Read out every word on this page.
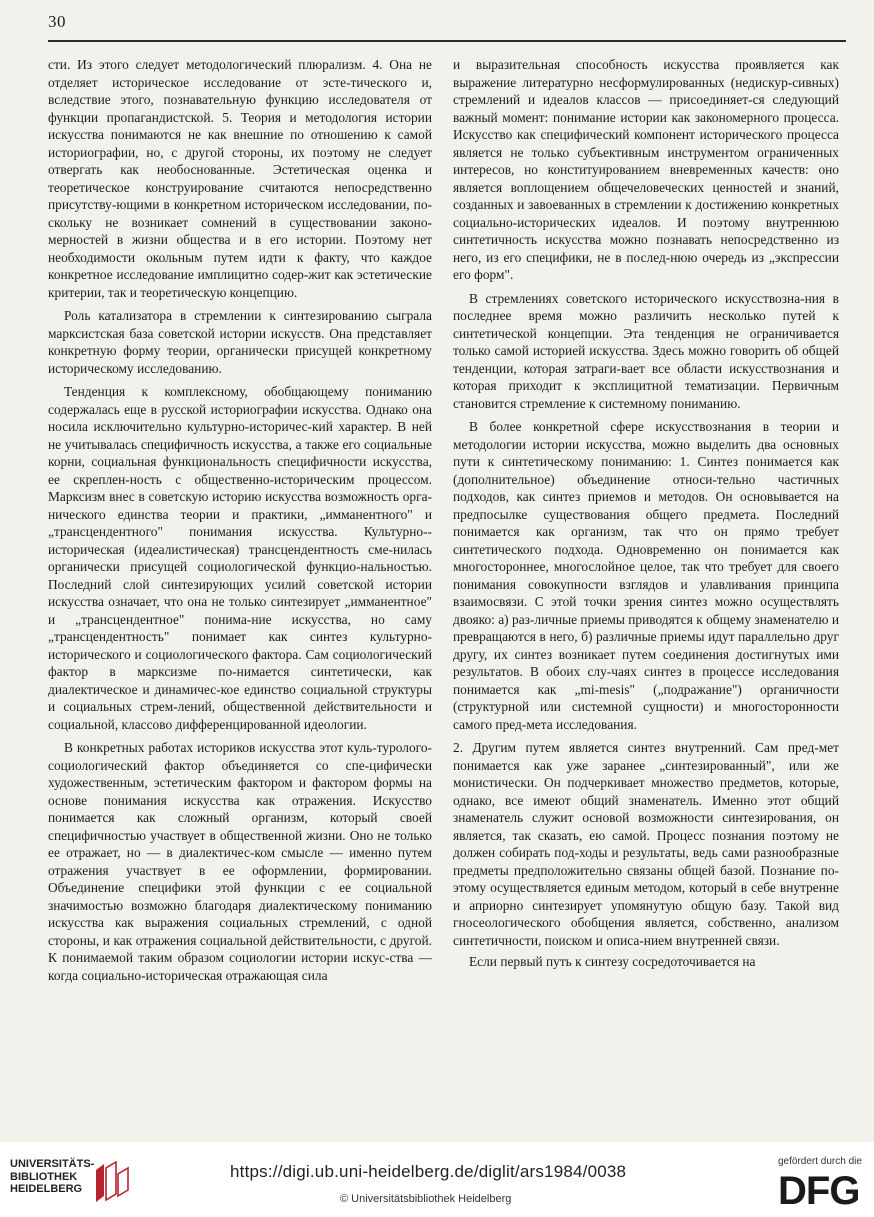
30

сти. Из этого следует методологический плюрализм. 4. Она не отделяет историческое исследование от эсте-тического и, вследствие этого, познавательную функцию исследователя от функции пропагандистской. 5. Теория и методология истории искусства понимаются не как внешние по отношению к самой историографии, но, с другой стороны, их поэтому не следует отвергать как необоснованные. Эстетическая оценка и теоретическое конструирование считаются непосредственно присутству-ющими в конкретном историческом исследовании, по-скольку не возникает сомнений в существовании законо-мерностей в жизни общества и в его истории. Поэтому нет необходимости окольным путем идти к факту, что каждое конкретное исследование имплицитно содер-жит как эстетические критерии, так и теоретическую концепцию.

Роль катализатора в стремлении к синтезированию сыграла марксистская база советской истории искусств. Она представляет конкретную форму теории, органически присущей конкретному историческому исследованию.

Тенденция к комплексному, обобщающему пониманию содержалась еще в русской историографии искусства. Однако она носила исключительно культурно-историчес-кий характер. В ней не учитывалась специфичность искусства, а также его социальные корни, социальная функциональность специфичности искусства, ее скреплен-ность с общественно-историческим процессом. Марксизм внес в советскую историю искусства возможность орга-нического единства теории и практики, „имманентного" и „трансцендентного" понимания искусства. Культурно--историческая (идеалистическая) трансцендентность сме-нилась органически присущей социологической функцио-нальностью. Последний слой синтезирующих усилий советской истории искусства означает, что она не только синтезирует „имманентное" и „трансцендентное" понима-ние искусства, но саму „трансцендентность" понимает как синтез культурно-исторического и социологического фактора. Сам социологический фактор в марксизме по-нимается синтетически, как диалектическое и динамичес-кое единство социальной структуры и социальных стрем-лений, общественной действительности и социальной, классово дифференцированной идеологии.

В конкретных работах историков искусства этот куль-туролого-социологический фактор объединяется со спе-цифически художественным, эстетическим фактором и фактором формы на основе понимания искусства как отражения. Искусство понимается как сложный организм, который своей специфичностью участвует в общественной жизни. Оно не только ее отражает, но — в диалектичес-ком смысле — именно путем отражения участвует в ее оформлении, формировании. Объединение специфики этой функции с ее социальной значимостью возможно благодаря диалектическому пониманию искусства как выражения социальных стремлений, с одной стороны, и как отражения социальной действительности, с другой. К понимаемой таким образом социологии истории искус-ства — когда социально-историческая отражающая сила

и выразительная способность искусства проявляется как выражение литературно несформулированных (недискур-сивных) стремлений и идеалов классов — присоединяет-ся следующий важный момент: понимание истории как закономерного процесса. Искусство как специфический компонент исторического процесса является не только субъективным инструментом ограниченных интересов, но конституированием вневременных качеств: оно является воплощением общечеловеческих ценностей и знаний, созданных и завоеванных в стремлении к достижению конкретных социально-исторических идеалов. И поэтому внутреннюю синтетичность искусства можно познавать непосредственно из него, из его специфики, не в послед-нюю очередь из „экспрессии его форм".

В стремлениях советского исторического искусствозна-ния в последнее время можно различить несколько путей к синтетической концепции. Эта тенденция не ограничивается только самой историей искусства. Здесь можно говорить об общей тенденции, которая затраги-вает все области искусствознания и которая приходит к эксплицитной тематизации. Первичным становится стремление к системному пониманию.

В более конкретной сфере искусствознания в теории и методологии истории искусства, можно выделить два основных пути к синтетическому пониманию: 1. Синтез понимается как (дополнительное) объединение относи-тельно частичных подходов, как синтез приемов и методов. Он основывается на предпосылке существования общего предмета. Последний понимается как организм, так что он прямо требует синтетического подхода. Одновременно он понимается как многостороннее, многослойное целое, так что требует для своего понимания совокупности взглядов и улавливания принципа взаимосвязи. С этой точки зрения синтез можно осуществлять двояко: а) раз-личные приемы приводятся к общему знаменателю и превращаются в него, б) различные приемы идут параллельно друг другу, их синтез возникает путем соединения достигнутых ими результатов. В обоих слу-чаях синтез в процессе исследования понимается как „mi-mesis" („подражание") органичности (структурной или системной сущности) и многосторонности самого пред-мета исследования.

2. Другим путем является синтез внутренний. Сам пред-мет понимается как уже заранее „синтезированный", или же монистически. Он подчеркивает множество предметов, которые, однако, все имеют общий знаменатель. Именно этот общий знаменатель служит основой возможности синтезирования, он является, так сказать, ею самой. Процесс познания поэтому не должен собирать под-ходы и результаты, ведь сами разнообразные предметы предположительно связаны общей базой. Познание по-этому осуществляется единым методом, который в себе внутренне и априорно синтезирует упомянутую общую базу. Такой вид гносеологического обобщения является, собственно, анализом синтетичности, поиском и описа-нием внутренней связи.

Если первый путь к синтезу сосредоточивается на

UNIVERSITÄTS-
BIBLIOTHEK
HEIDELBERG
https://digi.ub.uni-heidelberg.de/diglit/ars1984/0038
© Universitätsbibliothek Heidelberg
gefördert durch die
DFG
